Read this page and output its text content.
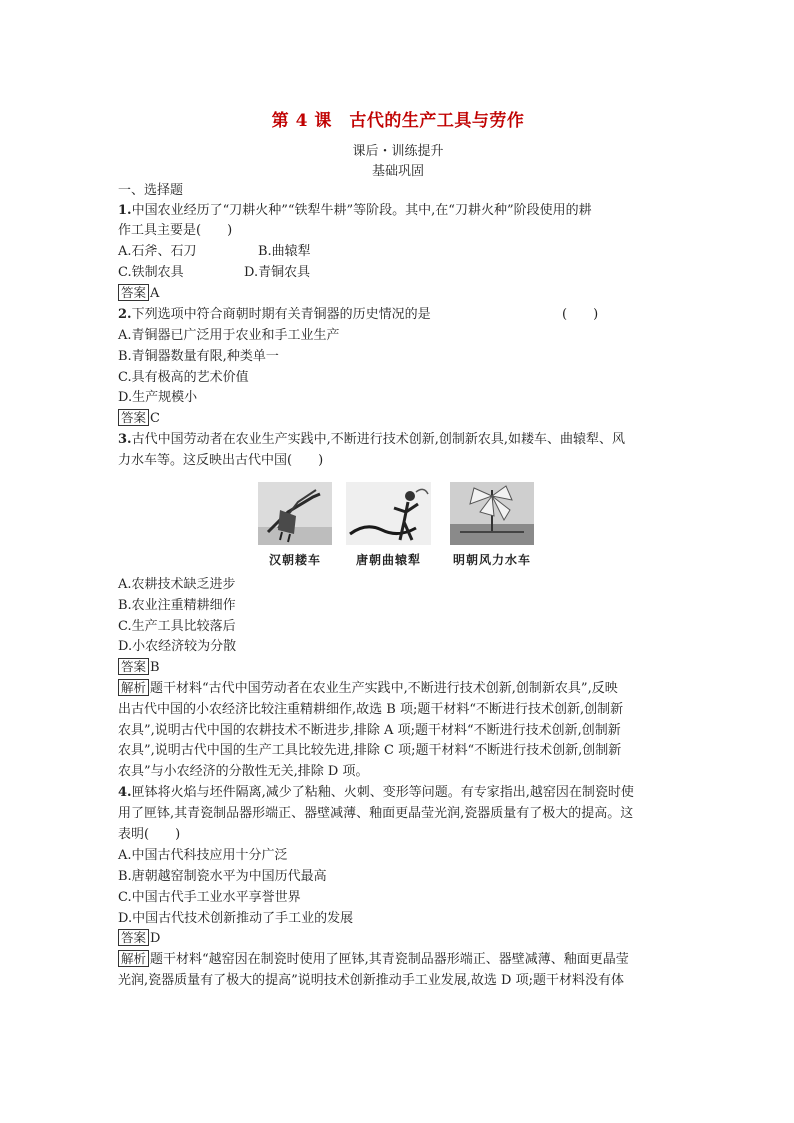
第 4 课　古代的生产工具与劳作
课后・训练提升
基础巩固
一、选择题
1.中国农业经历了“刀耕火种”“铁犁牛耕”等阶段。其中,在“刀耕火种”阶段使用的耕
作工具主要是(　　)
A.石斧、石刀	B.曲辕犁
C.铁制农具	D.青铜农具
答案 A
2.下列选项中符合商朝时期有关青铜器的历史情况的是	(　　)
A.青铜器已广泛用于农业和手工业生产
B.青铜器数量有限,种类单一
C.具有极高的艺术价值
D.生产规模小
答案 C
3.古代中国劳动者在农业生产实践中,不断进行技术创新,创制新农具,如耧车、曲辕犁、风
力水车等。这反映出古代中国(　　)
汉朝耧车	唐朝曲辕犁	明朝风力水车
A.农耕技术缺乏进步
B.农业注重精耕细作
C.生产工具比较落后
D.小农经济较为分散
答案 B
解析 题干材料“古代中国劳动者在农业生产实践中,不断进行技术创新,创制新农具”,反映
出古代中国的小农经济比较注重精耕细作,故选 B 项;题干材料“不断进行技术创新,创制新
农具”,说明古代中国的农耕技术不断进步,排除 A 项;题干材料“不断进行技术创新,创制新
农具”,说明古代中国的生产工具比较先进,排除 C 项;题干材料“不断进行技术创新,创制新
农具”与小农经济的分散性无关,排除 D 项。
4.匣钵将火焰与坯件隔离,减少了粘釉、火刺、变形等问题。有专家指出,越窑因在制瓷时使
用了匣钵,其青瓷制品器形端正、器壁减薄、釉面更晶莹光润,瓷器质量有了极大的提高。这
表明(　　)
A.中国古代科技应用十分广泛
B.唐朝越窑制瓷水平为中国历代最高
C.中国古代手工业水平享誉世界
D.中国古代技术创新推动了手工业的发展
答案 D
解析 题干材料“越窑因在制瓷时使用了匣钵,其青瓷制品器形端正、器壁减薄、釉面更晶莹
光润,瓷器质量有了极大的提高”说明技术创新推动手工业发展,故选 D 项;题干材料没有体
